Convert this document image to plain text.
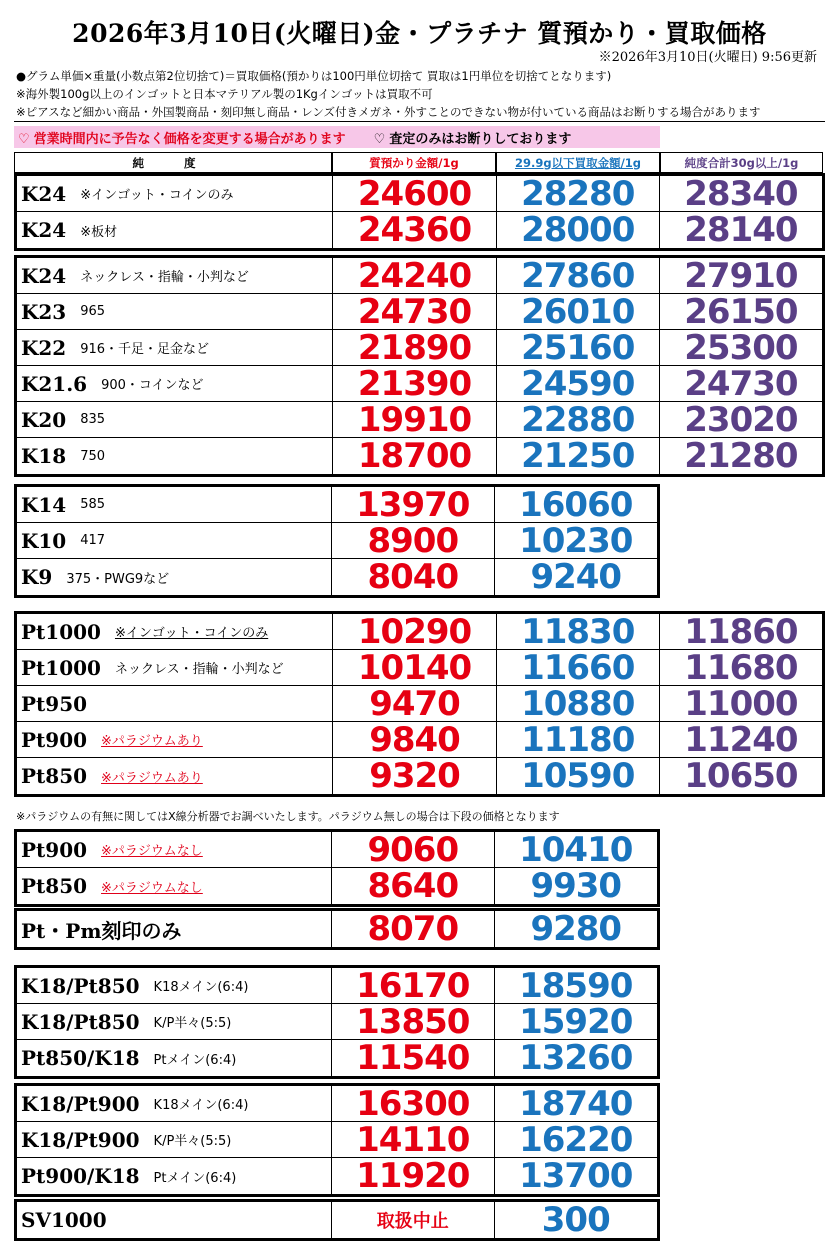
2026年3月10日(火曜日)金・プラチナ 質預かり・買取価格
※2026年3月10日(火曜日) 9:56更新
●グラム単価×重量(小数点第2位切捨て)＝買取価格(預かりは100円単位切捨て 買取は1円単位を切捨てとなります)
※海外製100g以上のインゴットと日本マテリアル製の1Kgインゴットは買取不可
※ピアスなど細かい商品・外国製商品・刻印無し商品・レンズ付きメガネ・外すことのできない物が付いている商品はお断りする場合があります
♡ 営業時間内に予告なく価格を変更する場合があります ♡ 査定のみはお断りしております
純 度	質預かり金額/1g	29.9g以下買取金額/1g	純度合計30g以上/1g
※パラジウムの有無に関してはX線分析器でお調べいたします。パラジウム無しの場合は下段の価格となります
K24 ※インゴット・コインのみ	24600	28280	28340
K24 ※板材	24360	28000	28140
K24 ネックレス・指輪・小判など	24240	27860	27910
K23 965	24730	26010	26150
K22 916・千足・足金など	21890	25160	25300
K21.6 900・コインなど	21390	24590	24730
K20 835	19910	22880	23020
K18 750	18700	21250	21280
K14 585	13970	16060
K10 417	8900	10230
K9 375・PWG9など	8040	9240
Pt1000 ※インゴット・コインのみ	10290	11830	11860
Pt1000 ネックレス・指輪・小判など	10140	11660	11680
Pt950	9470	10880	11000
Pt900 ※パラジウムあり	9840	11180	11240
Pt850 ※パラジウムあり	9320	10590	10650
Pt900 ※パラジウムなし	9060	10410
Pt850 ※パラジウムなし	8640	9930
Pt・Pm刻印のみ	8070	9280
K18/Pt850 K18メイン(6:4)	16170	18590
K18/Pt850 K/P半々(5:5)	13850	15920
Pt850/K18 Ptメイン(6:4)	11540	13260
K18/Pt900 K18メイン(6:4)	16300	18740
K18/Pt900 K/P半々(5:5)	14110	16220
Pt900/K18 Ptメイン(6:4)	11920	13700
SV1000	取扱中止	300
